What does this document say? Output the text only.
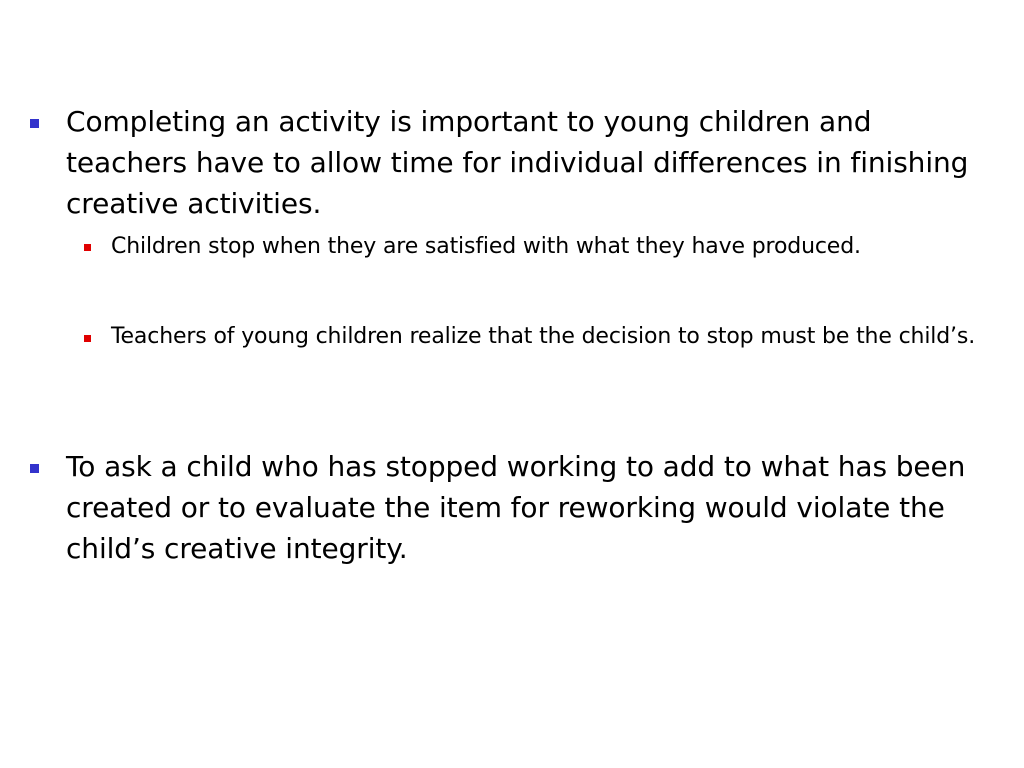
Completing an activity is important to young children and teachers have to allow time for individual differences in finishing creative activities.
Children stop when they are satisfied with what they have produced.
Teachers of young children realize that the decision to stop must be the child’s.
To ask a child who has stopped working to add to what has been created or to evaluate the item for reworking would violate the child’s creative integrity.
